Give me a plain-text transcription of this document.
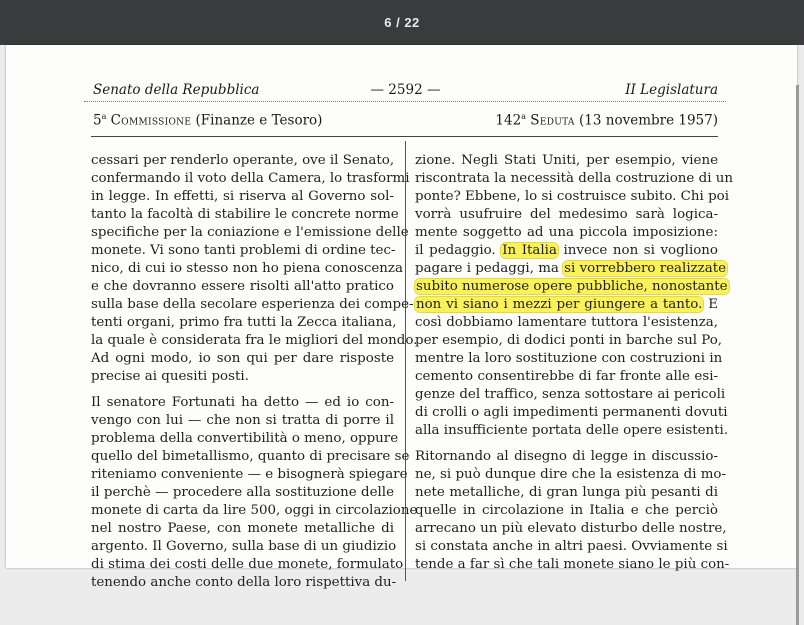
6 / 22
Senato della Repubblica	— 2592 —	II Legislatura
5$^a$ Commissione (Finanze e Tesoro)	142$^a$ Seduta (13 novembre 1957)
cessari per renderlo operante, ove il Senato,
confermando il voto della Camera, lo trasformi
in legge. In effetti, si riserva al Governo sol-
tanto la facoltà di stabilire le concrete norme
specifiche per la coniazione e l'emissione delle
monete. Vi sono tanti problemi di ordine tec-
nico, di cui io stesso non ho piena conoscenza
e che dovranno essere risolti all'atto pratico
sulla base della secolare esperienza dei compe-
tenti organi, primo fra tutti la Zecca italiana,
la quale è considerata fra le migliori del mondo.
Ad ogni modo, io son qui per dare risposte
precise ai quesiti posti.
Il senatore Fortunati ha detto — ed io con-
vengo con lui — che non si tratta di porre il
problema della convertibilità o meno, oppure
quello del bimetallismo, quanto di precisare se
riteniamo conveniente — e bisognerà spiegare
il perchè — procedere alla sostituzione delle
monete di carta da lire 500, oggi in circolazione
nel nostro Paese, con monete metalliche di
argento. Il Governo, sulla base di un giudizio
di stima dei costi delle due monete, formulato
tenendo anche conto della loro rispettiva du-
zione. Negli Stati Uniti, per esempio, viene
riscontrata la necessità della costruzione di un
ponte? Ebbene, lo si costruisce subito. Chi poi
vorrà usufruire del medesimo sarà logica-
mente soggetto ad una piccola imposizione:
il pedaggio. In Italia invece non si vogliono
pagare i pedaggi, ma si vorrebbero realizzate
subito numerose opere pubbliche, nonostante
non vi siano i mezzi per giungere a tanto. E
così dobbiamo lamentare tuttora l'esistenza,
per esempio, di dodici ponti in barche sul Po,
mentre la loro sostituzione con costruzioni in
cemento consentirebbe di far fronte alle esi-
genze del traffico, senza sottostare ai pericoli
di crolli o agli impedimenti permanenti dovuti
alla insufficiente portata delle opere esistenti.
Ritornando al disegno di legge in discussio-
ne, si può dunque dire che la esistenza di mo-
nete metalliche, di gran lunga più pesanti di
quelle in circolazione in Italia e che perciò
arrecano un più elevato disturbo delle nostre,
si constata anche in altri paesi. Ovviamente si
tende a far sì che tali monete siano le più con-
